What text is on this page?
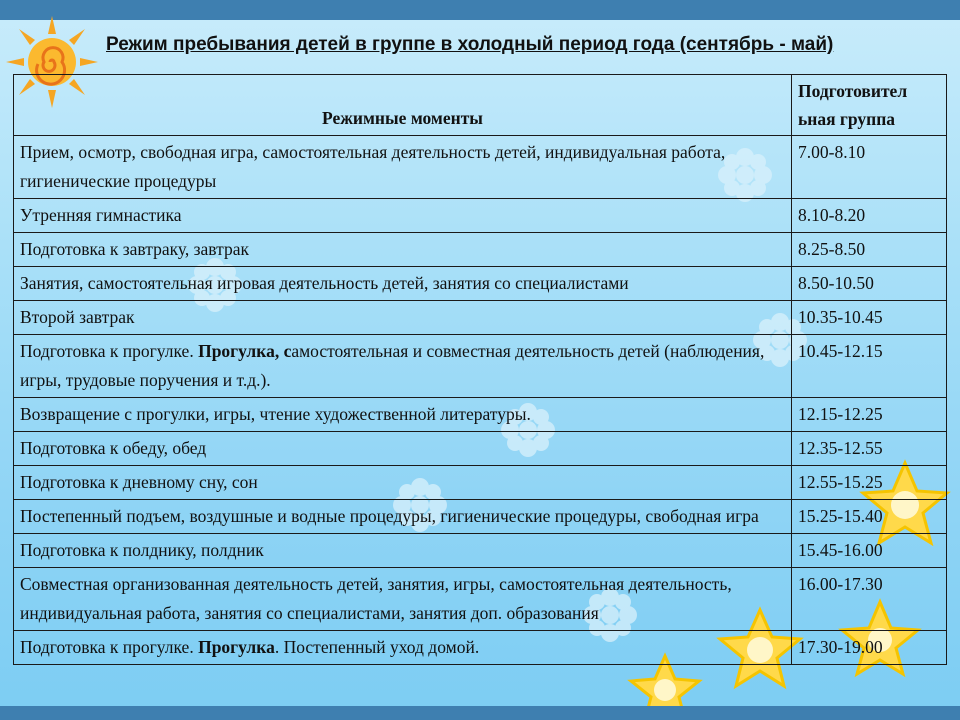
Режим пребывания детей в группе в холодный период года (сентябрь - май)
Режимные моменты	Подготовител
ьная группа
Прием, осмотр, свободная игра, самостоятельная деятельность детей, индивидуальная работа, гигиенические процедуры	7.00-8.10
Утренняя гимнастика	8.10-8.20
Подготовка к завтраку, завтрак	8.25-8.50
Занятия, самостоятельная игровая деятельность детей, занятия со специалистами	8.50-10.50
Второй завтрак	10.35-10.45
Подготовка к прогулке. Прогулка, самостоятельная и совместная деятельность детей (наблюдения, игры, трудовые поручения и т.д.).	10.45-12.15
Возвращение с прогулки, игры, чтение художественной литературы.	12.15-12.25
Подготовка к обеду, обед	12.35-12.55
Подготовка к дневному сну, сон	12.55-15.25
Постепенный подъем, воздушные и водные процедуры, гигиенические процедуры, свободная игра	15.25-15.40
Подготовка к полднику, полдник	15.45-16.00
Совместная организованная деятельность детей, занятия, игры, самостоятельная деятельность, индивидуальная работа, занятия со специалистами, занятия доп. образования	16.00-17.30
Подготовка к прогулке. Прогулка. Постепенный уход домой.	17.30-19.00
